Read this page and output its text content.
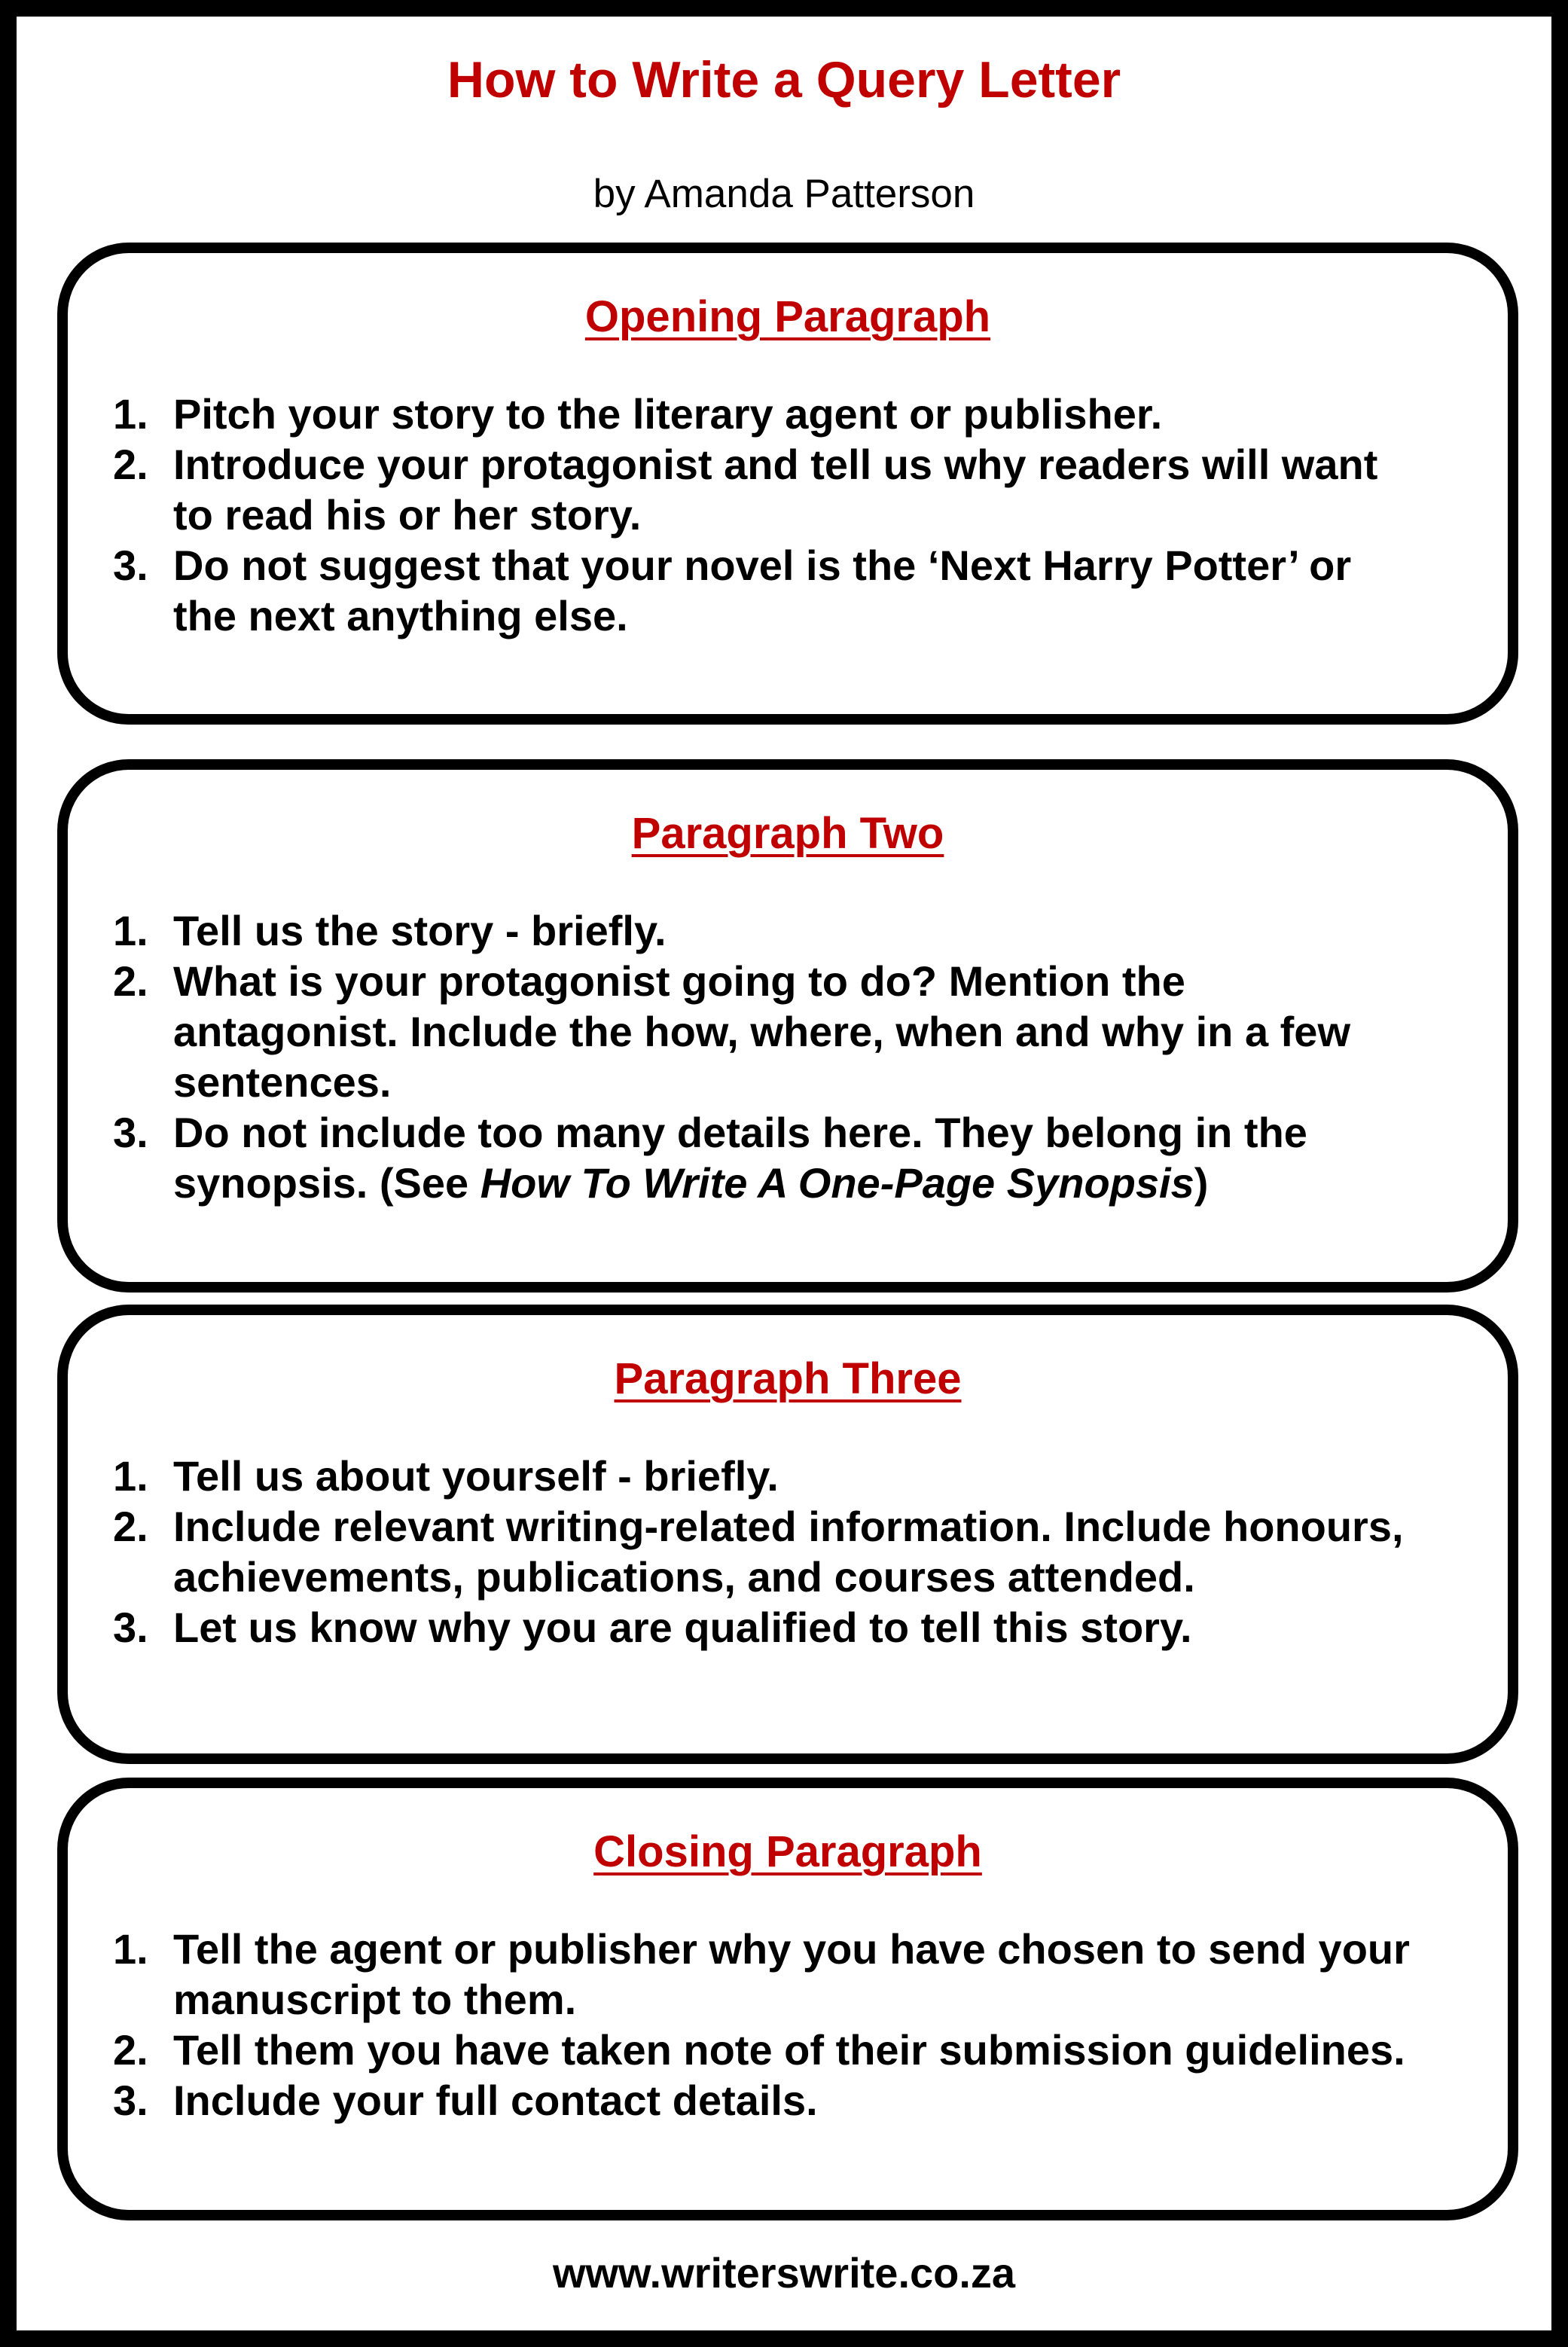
How to Write a Query Letter
by Amanda Patterson
Opening Paragraph
1. Pitch your story to the literary agent or publisher.
2. Introduce your protagonist and tell us why readers will want to read his or her story.
3. Do not suggest that your novel is the ‘Next Harry Potter’ or the next anything else.
Paragraph Two
1. Tell us the story - briefly.
2. What is your protagonist going to do? Mention the antagonist. Include the how, where, when and why in a few sentences.
3. Do not include too many details here. They belong in the synopsis. (See How To Write A One-Page Synopsis)
Paragraph Three
1. Tell us about yourself - briefly.
2. Include relevant writing-related information. Include honours, achievements, publications, and courses attended.
3. Let us know why you are qualified to tell this story.
Closing Paragraph
1. Tell the agent or publisher why you have chosen to send your manuscript to them.
2. Tell them you have taken note of their submission guidelines.
3. Include your full contact details.
www.writerswrite.co.za
